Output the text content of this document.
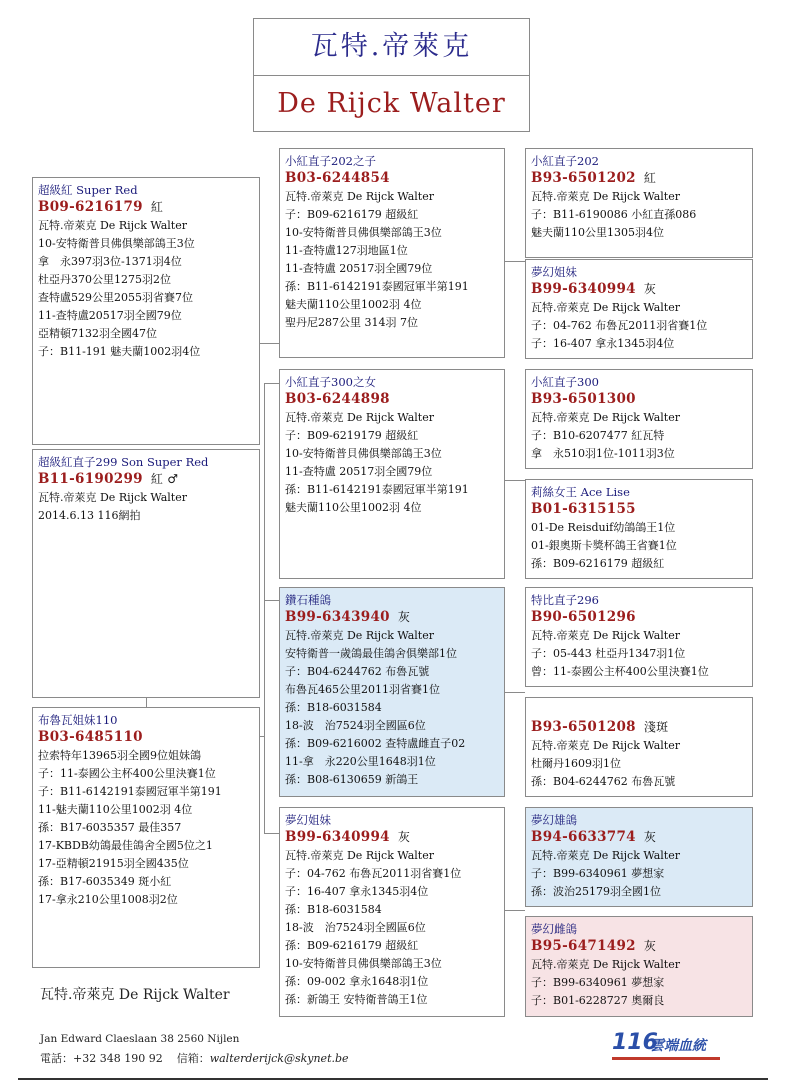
瓦特.帝萊克
De Rijck Walter
超級紅 Super Red
B09-6216179 紅
瓦特.帝萊克 De Rijck Walter
10-安特衛普貝佛俱樂部鴿王3位
拿　永397羽3位-1371羽4位
杜亞丹370公里1275羽2位
查特盧529公里2055羽省賽7位
11-查特盧20517羽全國79位
亞精頓7132羽全國47位
子：B11-191 魅夫蘭1002羽4位
超級紅直子299 Son Super Red
B11-6190299 紅 ♂
瓦特.帝萊克 De Rijck Walter
2014.6.13 116網拍
布魯瓦姐妹110
B03-6485110
拉索特年13965羽全國9位姐妹鴿
子：11-泰國公主杯400公里決賽1位
子：B11-6142191泰國冠軍半第191
11-魅夫蘭110公里1002羽 4位
孫：B17-6035357 最佳357
17-KBDB幼鴿最佳鴿舍全國5位之1
17-亞精頓21915羽全國435位
孫：B17-6035349 斑小紅
17-拿永210公里1008羽2位
小紅直子202之子
B03-6244854
瓦特.帝萊克 De Rijck Walter
子：B09-6216179 超級紅
10-安特衛普貝佛俱樂部鴿王3位
11-查特盧127羽地區1位
11-查特盧 20517羽全國79位
孫：B11-6142191泰國冠軍半第191
魅夫蘭110公里1002羽 4位
聖丹尼287公里 314羽 7位
小紅直子300之女
B03-6244898
瓦特.帝萊克 De Rijck Walter
子：B09-6219179 超級紅
10-安特衛普貝佛俱樂部鴿王3位
11-查特盧 20517羽全國79位
孫：B11-6142191泰國冠軍半第191
魅夫蘭110公里1002羽 4位
鑽石種鴿
B99-6343940 灰
瓦特.帝萊克 De Rijck Walter
安特衛普一歲鴿最佳鴿舍俱樂部1位
子：B04-6244762 布魯瓦號
布魯瓦465公里2011羽省賽1位
孫：B18-6031584
18-波　治7524羽全國區6位
孫：B09-6216002 查特盧雌直子02
11-拿　永220公里1648羽1位
孫：B08-6130659 新鴿王
夢幻姐妹
B99-6340994 灰
瓦特.帝萊克 De Rijck Walter
子：04-762 布魯瓦2011羽省賽1位
子：16-407 拿永1345羽4位
孫：B18-6031584
18-波　治7524羽全國區6位
孫：B09-6216179 超級紅
10-安特衛普貝佛俱樂部鴿王3位
孫：09-002 拿永1648羽1位
孫：新鴿王 安特衛普鴿王1位
小紅直子202
B93-6501202 紅
瓦特.帝萊克 De Rijck Walter
子：B11-6190086 小紅直孫086
魅夫蘭110公里1305羽4位
夢幻姐妹
B99-6340994 灰
瓦特.帝萊克 De Rijck Walter
子：04-762 布魯瓦2011羽省賽1位
子：16-407 拿永1345羽4位
小紅直子300
B93-6501300
瓦特.帝萊克 De Rijck Walter
子：B10-6207477 紅瓦特
拿　永510羽1位-1011羽3位
莉絲女王 Ace Lise
B01-6315155
01-De Reisduif幼鴿鴿王1位
01-銀奧斯卡獎杯鴿王省賽1位
孫：B09-6216179 超級紅
特比直子296
B90-6501296
瓦特.帝萊克 De Rijck Walter
子：05-443 杜亞丹1347羽1位
曾：11-泰國公主杯400公里決賽1位
B93-6501208 淺斑
瓦特.帝萊克 De Rijck Walter
杜爾丹1609羽1位
孫：B04-6244762 布魯瓦號
夢幻雄鴿
B94-6633774 灰
瓦特.帝萊克 De Rijck Walter
子：B99-6340961 夢想家
孫：波治25179羽全國1位
夢幻雌鴿
B95-6471492 灰
瓦特.帝萊克 De Rijck Walter
子：B99-6340961 夢想家
子：B01-6228727 奧爾良
瓦特.帝萊克 De Rijck Walter
Jan Edward Claeslaan 38 2560 Nijlen
電話：+32 348 190 92 信箱：walterderijck@skynet.be
116
雲端血統
